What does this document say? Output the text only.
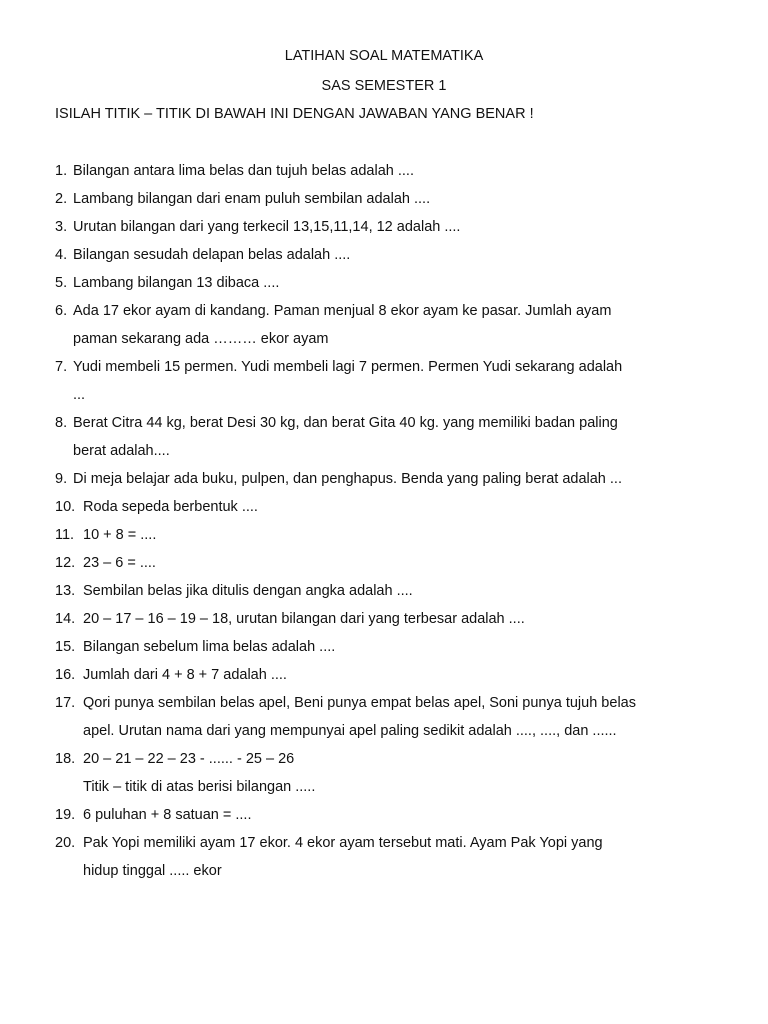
LATIHAN SOAL MATEMATIKA
SAS SEMESTER 1
ISILAH TITIK – TITIK DI BAWAH INI DENGAN JAWABAN YANG BENAR !
1. Bilangan antara lima belas dan tujuh belas adalah ....
2. Lambang bilangan dari enam puluh sembilan adalah ....
3. Urutan bilangan dari yang terkecil 13,15,11,14, 12 adalah ....
4. Bilangan sesudah delapan belas adalah ....
5. Lambang bilangan 13 dibaca ....
6. Ada 17 ekor ayam di kandang. Paman menjual 8 ekor ayam ke pasar. Jumlah ayam
paman sekarang ada ……… ekor ayam
7. Yudi membeli 15 permen. Yudi membeli lagi 7 permen. Permen Yudi sekarang adalah
...
8. Berat Citra 44 kg, berat Desi 30 kg, dan berat Gita 40 kg. yang memiliki badan paling
berat adalah....
9. Di meja belajar ada buku, pulpen, dan penghapus. Benda yang paling berat adalah ...
10. Roda sepeda berbentuk ....
11. 10 + 8 = ....
12. 23 – 6 = ....
13. Sembilan belas jika ditulis dengan angka adalah ....
14. 20 – 17 – 16 – 19 – 18, urutan bilangan dari yang terbesar adalah ....
15. Bilangan sebelum lima belas adalah ....
16. Jumlah dari 4 + 8 + 7 adalah ....
17. Qori punya sembilan belas apel, Beni punya empat belas apel, Soni punya tujuh belas
apel. Urutan nama dari yang mempunyai apel paling sedikit adalah ...., ...., dan ......
18. 20 – 21 – 22 – 23 - ...... - 25 – 26
Titik – titik di atas berisi bilangan .....
19. 6 puluhan + 8 satuan = ....
20. Pak Yopi memiliki ayam 17 ekor. 4 ekor ayam tersebut mati. Ayam Pak Yopi yang
hidup tinggal ..... ekor
